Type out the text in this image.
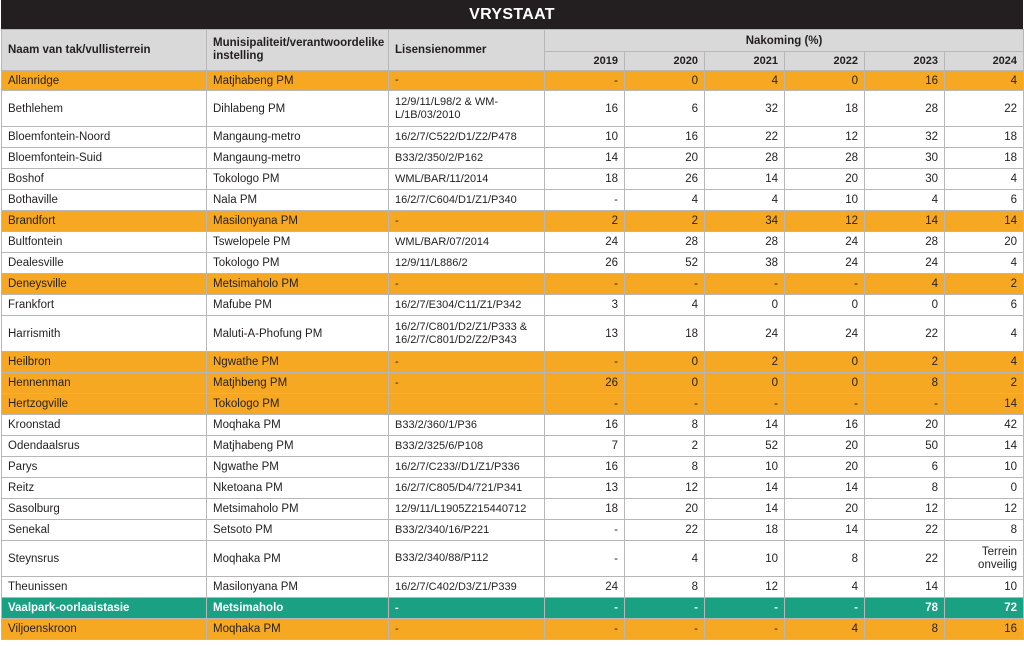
VRYSTAAT
Naam van tak/vullisterrein	Munisipaliteit/verantwoordelike instelling	Lisensienommer	Nakoming (%)					
			2019	2020	2021	2022	2023	2024
Allanridge	Matjhabeng PM	-	-	0	4	0	16	4
Bethlehem	Dihlabeng PM	12/9/11/L98/2 & WM-L/1B/03/2010	16	6	32	18	28	22
Bloemfontein-Noord	Mangaung-metro	16/2/7/C522/D1/Z2/P478	10	16	22	12	32	18
Bloemfontein-Suid	Mangaung-metro	B33/2/350/2/P162	14	20	28	28	30	18
Boshof	Tokologo PM	WML/BAR/11/2014	18	26	14	20	30	4
Bothaville	Nala PM	16/2/7/C604/D1/Z1/P340	-	4	4	10	4	6
Brandfort	Masilonyana PM	-	2	2	34	12	14	14
Bultfontein	Tswelopele PM	WML/BAR/07/2014	24	28	28	24	28	20
Dealesville	Tokologo PM	12/9/11/L886/2	26	52	38	24	24	4
Deneysville	Metsimaholo PM	-	-	-	-	-	4	2
Frankfort	Mafube PM	16/2/7/E304/C11/Z1/P342	3	4	0	0	0	6
Harrismith	Maluti-A-Phofung PM	16/2/7/C801/D2/Z1/P333 & 16/2/7/C801/D2/Z2/P343	13	18	24	24	22	4
Heilbron	Ngwathe PM	-	-	0	2	0	2	4
Hennenman	Matjhbeng PM	-	26	0	0	0	8	2
Hertzogville	Tokologo PM		-	-	-	-	-	14
Kroonstad	Moqhaka PM	B33/2/360/1/P36	16	8	14	16	20	42
Odendaalsrus	Matjhabeng PM	B33/2/325/6/P108	7	2	52	20	50	14
Parys	Ngwathe PM	16/2/7/C233//D1/Z1/P336	16	8	10	20	6	10
Reitz	Nketoana PM	16/2/7/C805/D4/721/P341	13	12	14	14	8	0
Sasolburg	Metsimaholo PM	12/9/11/L1905Z215440712	18	20	14	20	12	12
Senekal	Setsoto PM	B33/2/340/16/P221	-	22	18	14	22	8
Steynsrus	Moqhaka PM	B33/2/340/88/P112	-	4	10	8	22	Terrein onveilig
Theunissen	Masilonyana PM	16/2/7/C402/D3/Z1/P339	24	8	12	4	14	10
Vaalpark-oorlaaistasie	Metsimaholo	-	-	-	-	-	78	72
Viljoenskroon	Moqhaka PM	-	-	-	-	4	8	16
